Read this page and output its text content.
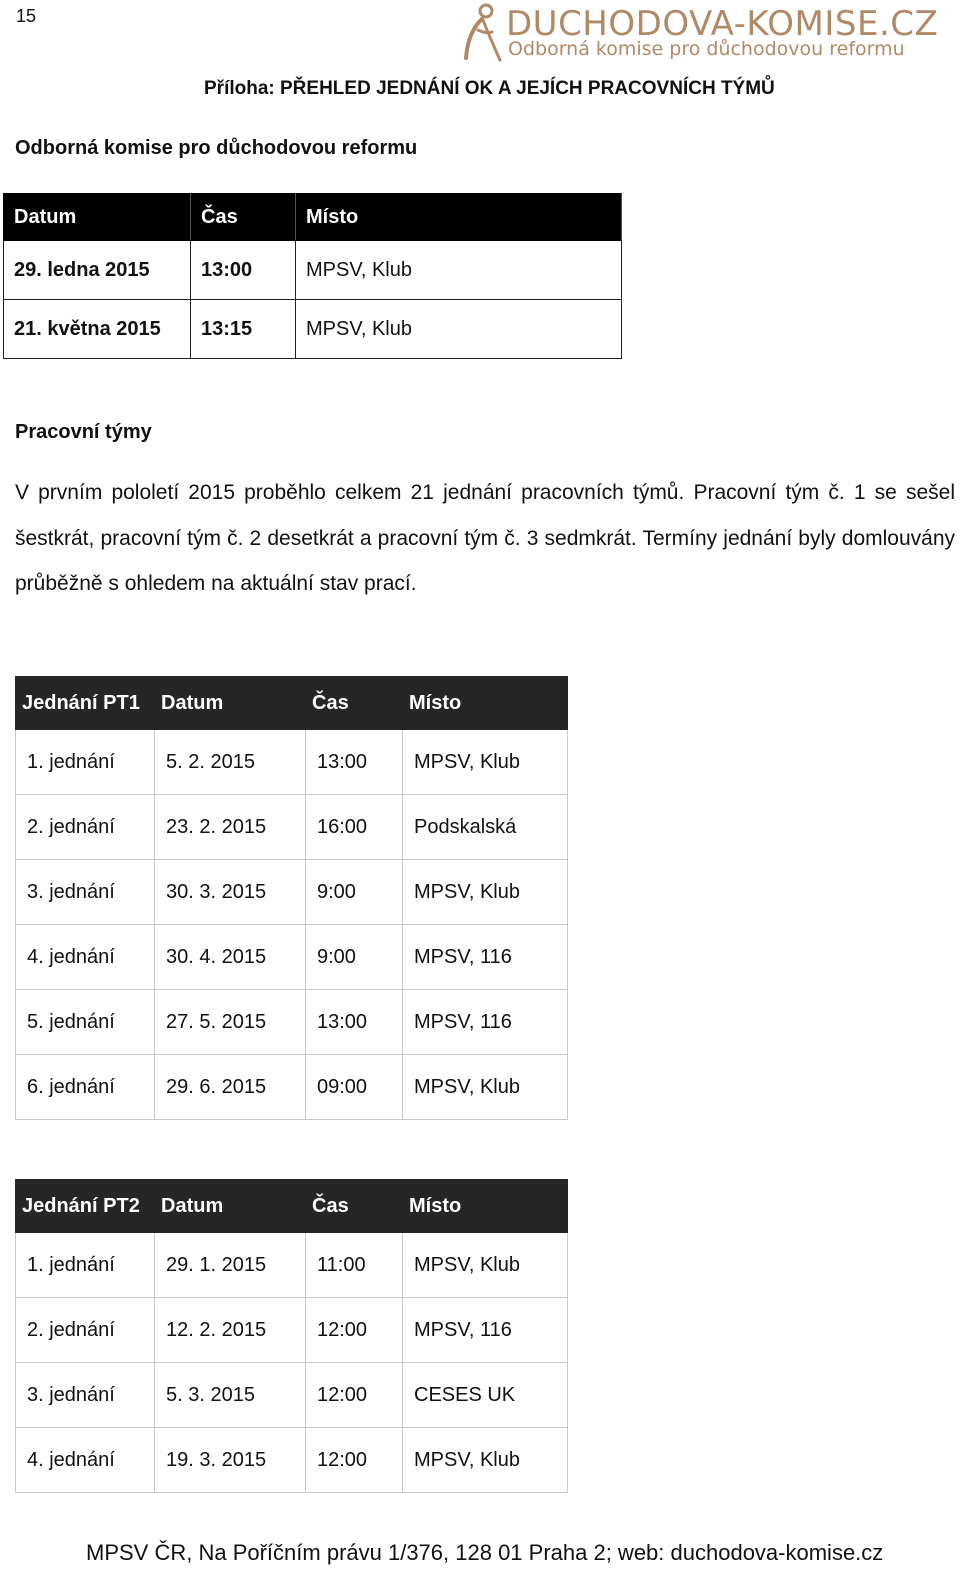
15	DUCHODOVA-KOMISE.CZ
Odborná komise pro důchodovou reformu
Příloha: PŘEHLED JEDNÁNÍ OK A JEJÍCH PRACOVNÍCH TÝMŮ
Odborná komise pro důchodovou reformu
Datum	Čas	Místo
29. ledna 2015	13:00	MPSV, Klub
21. května 2015	13:15	MPSV, Klub
Pracovní týmy

V prvním pololetí 2015 proběhlo celkem 21 jednání pracovních týmů. Pracovní tým č. 1 se sešel šestkrát, pracovní tým č. 2 desetkrát a pracovní tým č. 3 sedmkrát. Termíny jednání byly domlouvány průběžně s ohledem na aktuální stav prací.

Jednání PT1	Datum	Čas	Místo
1. jednání	5. 2. 2015	13:00	MPSV, Klub
2. jednání	23. 2. 2015	16:00	Podskalská
3. jednání	30. 3. 2015	9:00	MPSV, Klub
4. jednání	30. 4. 2015	9:00	MPSV, 116
5. jednání	27. 5. 2015	13:00	MPSV, 116
6. jednání	29. 6. 2015	09:00	MPSV, Klub
Jednání PT2	Datum	Čas	Místo
1. jednání	29. 1. 2015	11:00	MPSV, Klub
2. jednání	12. 2. 2015	12:00	MPSV, 116
3. jednání	5. 3. 2015	12:00	CESES UK
4. jednání	19. 3. 2015	12:00	MPSV, Klub
MPSV ČR, Na Poříčním právu 1/376, 128 01 Praha 2; web: duchodova-komise.cz
